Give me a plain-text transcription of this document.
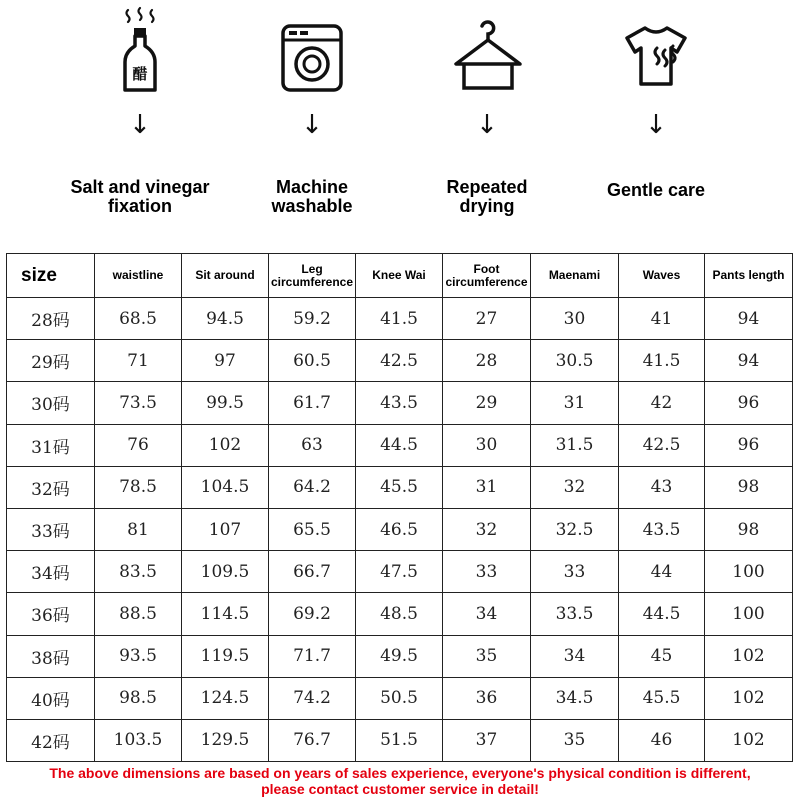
醋
↓
Salt and vinegar
fixation
↓
Machine
washable
↓
Repeated
drying
↓
Gentle care
size	waistline	Sit around	Leg circumference	Knee Wai	Foot circumference	Maenami	Waves	Pants length
28码	68.5	94.5	59.2	41.5	27	30	41	94
29码	71	97	60.5	42.5	28	30.5	41.5	94
30码	73.5	99.5	61.7	43.5	29	31	42	96
31码	76	102	63	44.5	30	31.5	42.5	96
32码	78.5	104.5	64.2	45.5	31	32	43	98
33码	81	107	65.5	46.5	32	32.5	43.5	98
34码	83.5	109.5	66.7	47.5	33	33	44	100
36码	88.5	114.5	69.2	48.5	34	33.5	44.5	100
38码	93.5	119.5	71.7	49.5	35	34	45	102
40码	98.5	124.5	74.2	50.5	36	34.5	45.5	102
42码	103.5	129.5	76.7	51.5	37	35	46	102
The above dimensions are based on years of sales experience, everyone's physical condition is different,
please contact customer service in detail!
